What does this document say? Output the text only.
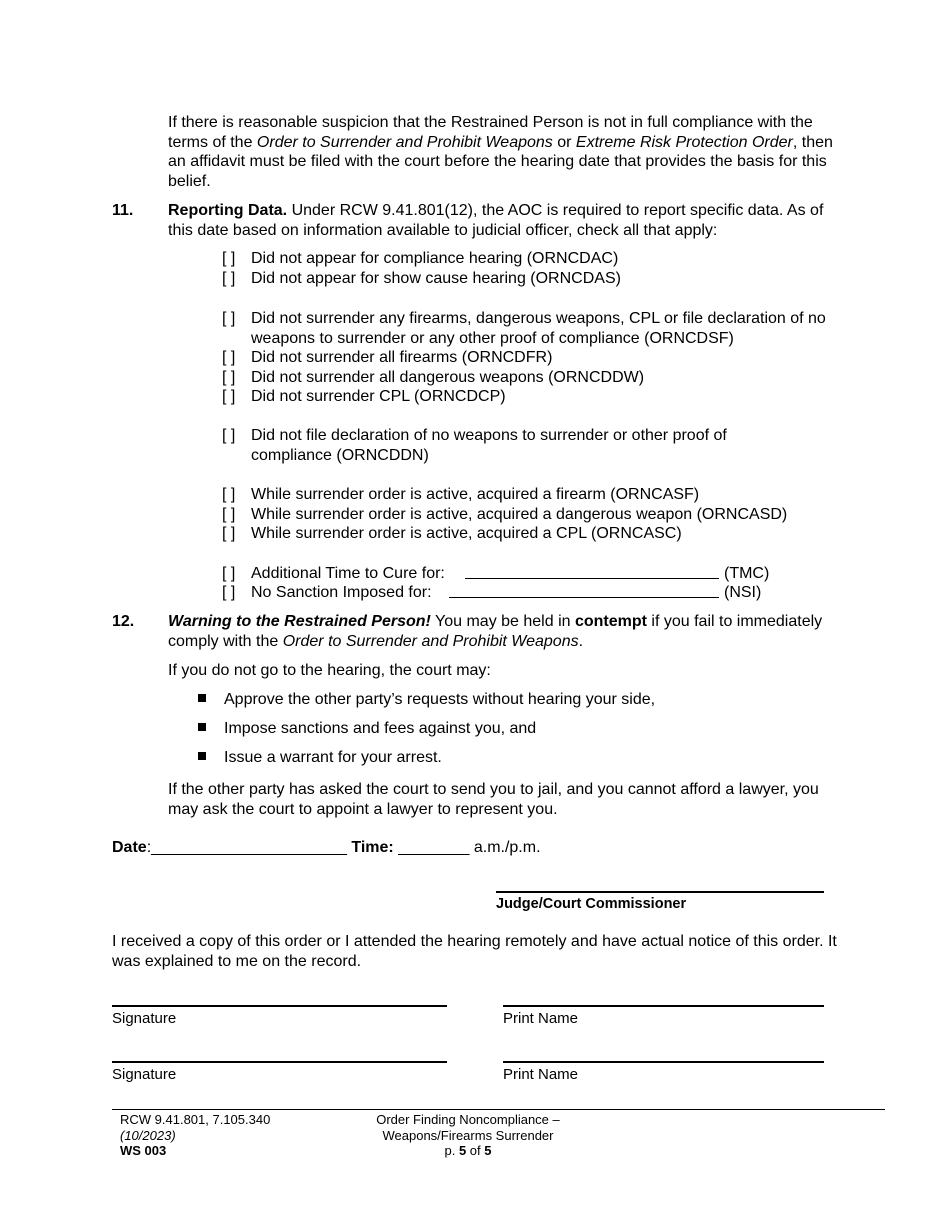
If there is reasonable suspicion that the Restrained Person is not in full compliance with the terms of the Order to Surrender and Prohibit Weapons or Extreme Risk Protection Order, then an affidavit must be filed with the court before the hearing date that provides the basis for this belief.

11. Reporting Data. Under RCW 9.41.801(12), the AOC is required to report specific data. As of this date based on information available to judicial officer, check all that apply:

[ ] Did not appear for compliance hearing (ORNCDAC)
[ ] Did not appear for show cause hearing (ORNCDAS)
[ ] Did not surrender any firearms, dangerous weapons, CPL or file declaration of no weapons to surrender or any other proof of compliance (ORNCDSF)
[ ] Did not surrender all firearms (ORNCDFR)
[ ] Did not surrender all dangerous weapons (ORNCDDW)
[ ] Did not surrender CPL (ORNCDCP)
[ ] Did not file declaration of no weapons to surrender or other proof of compliance (ORNCDDN)
[ ] While surrender order is active, acquired a firearm (ORNCASF)
[ ] While surrender order is active, acquired a dangerous weapon (ORNCASD)
[ ] While surrender order is active, acquired a CPL (ORNCASC)
[ ] Additional Time to Cure for:	(TMC)
[ ] No Sanction Imposed for:	(NSI)
12. Warning to the Restrained Person! You may be held in contempt if you fail to immediately comply with the Order to Surrender and Prohibit Weapons.

If you do not go to the hearing, the court may:

Approve the other party’s requests without hearing your side,
Impose sanctions and fees against you, and
Issue a warrant for your arrest.

If the other party has asked the court to send you to jail, and you cannot afford a lawyer, you may ask the court to appoint a lawyer to represent you.

Date:______________________ Time: ________ a.m./p.m.
Judge/Court Commissioner

I received a copy of this order or I attended the hearing remotely and have actual notice of this order. It was explained to me on the record.

Signature	Print Name
Signature	Print Name
RCW 9.41.801, 7.105.340
(10/2023)
WS 003
Order Finding Noncompliance –
Weapons/Firearms Surrender
p. 5 of 5
